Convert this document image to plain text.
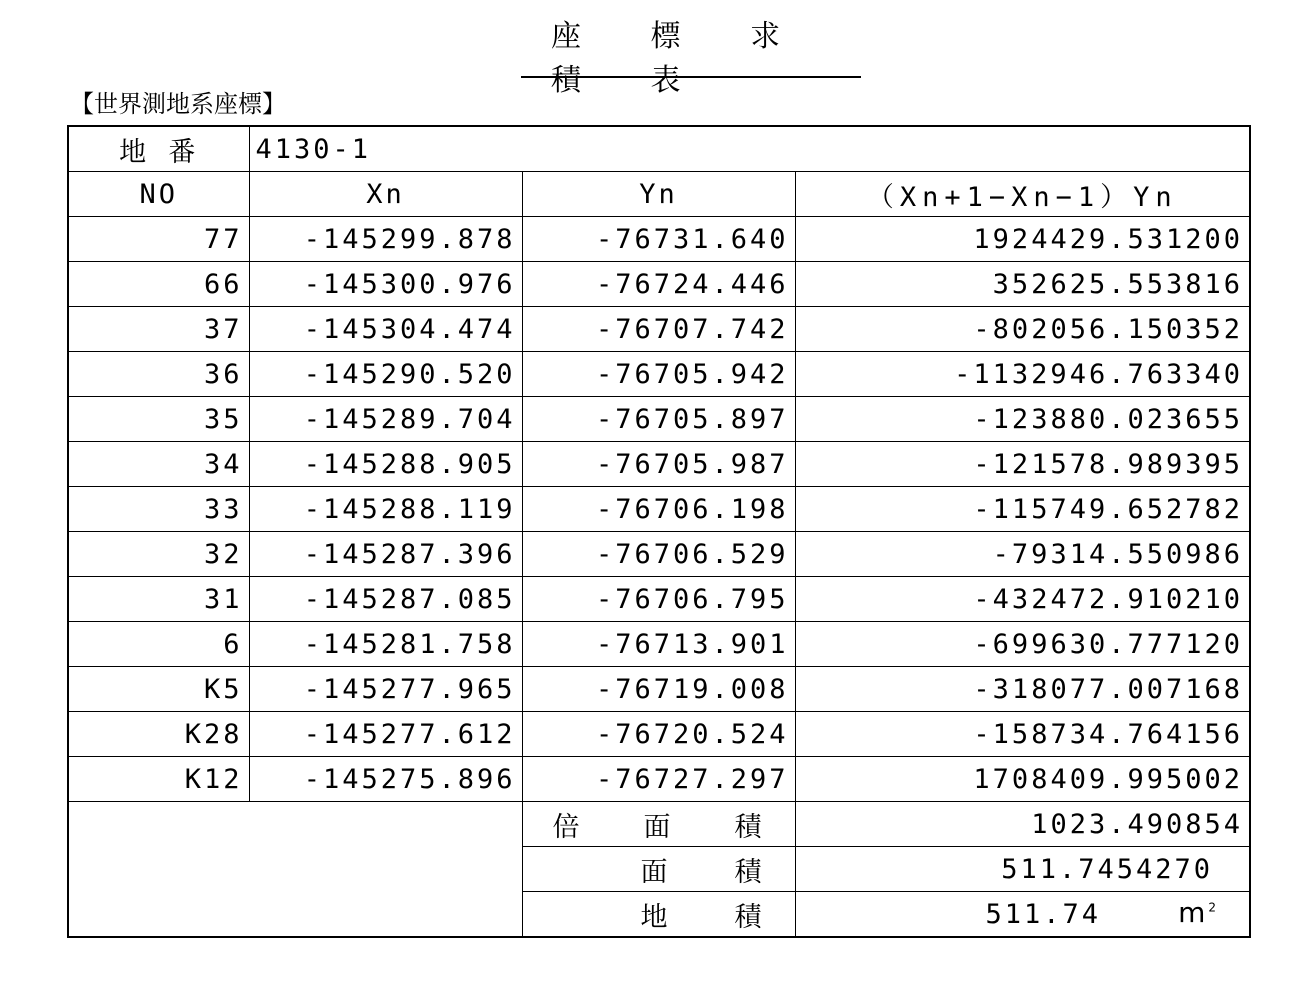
座 標 求 積 表
【世界測地系座標】
地 番	4130-1		
NO	Xn	Yn	（Xn+1−Xn−1）Yn
77	-145299.878	-76731.640	1924429.531200
66	-145300.976	-76724.446	352625.553816
37	-145304.474	-76707.742	-802056.150352
36	-145290.520	-76705.942	-1132946.763340
35	-145289.704	-76705.897	-123880.023655
34	-145288.905	-76705.987	-121578.989395
33	-145288.119	-76706.198	-115749.652782
32	-145287.396	-76706.529	-79314.550986
31	-145287.085	-76706.795	-432472.910210
6	-145281.758	-76713.901	-699630.777120
K5	-145277.965	-76719.008	-318077.007168
K28	-145277.612	-76720.524	-158734.764156
K12	-145275.896	-76727.297	1708409.995002

		倍 面 積	1023.490854

		面 積	511.7454270

		地 積	511.74 $m^2$
